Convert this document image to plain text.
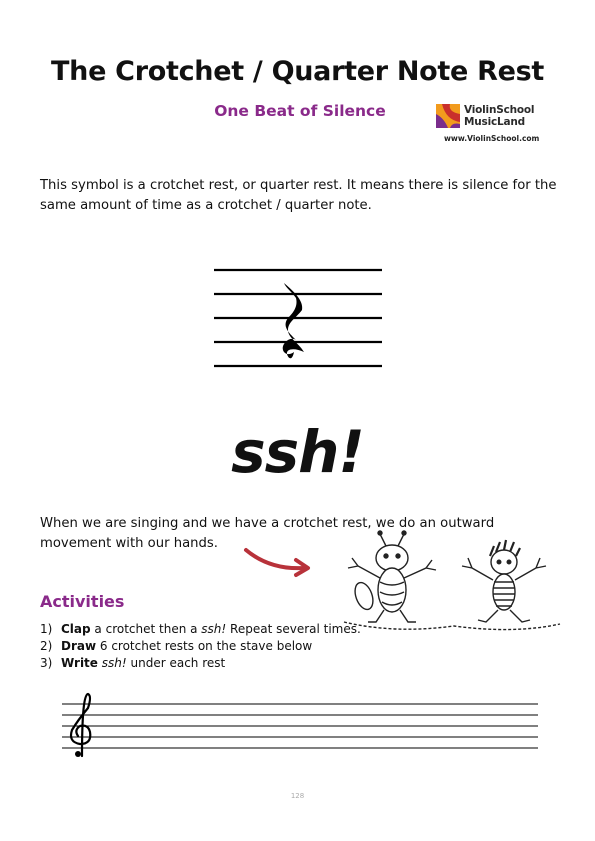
The Crotchet / Quarter Note Rest
One Beat of Silence	ViolinSchool
MusicLand
www.ViolinSchool.com

This symbol is a crotchet rest, or quarter rest. It means there is silence for the same amount of time as a crotchet / quarter note.

ssh!

When we are singing and we have a crotchet rest, we do an outward movement with our hands.

Activities
1) Clap a crotchet then a ssh! Repeat several times.
2) Draw 6 crotchet rests on the stave below
3) Write ssh! under each rest
128
